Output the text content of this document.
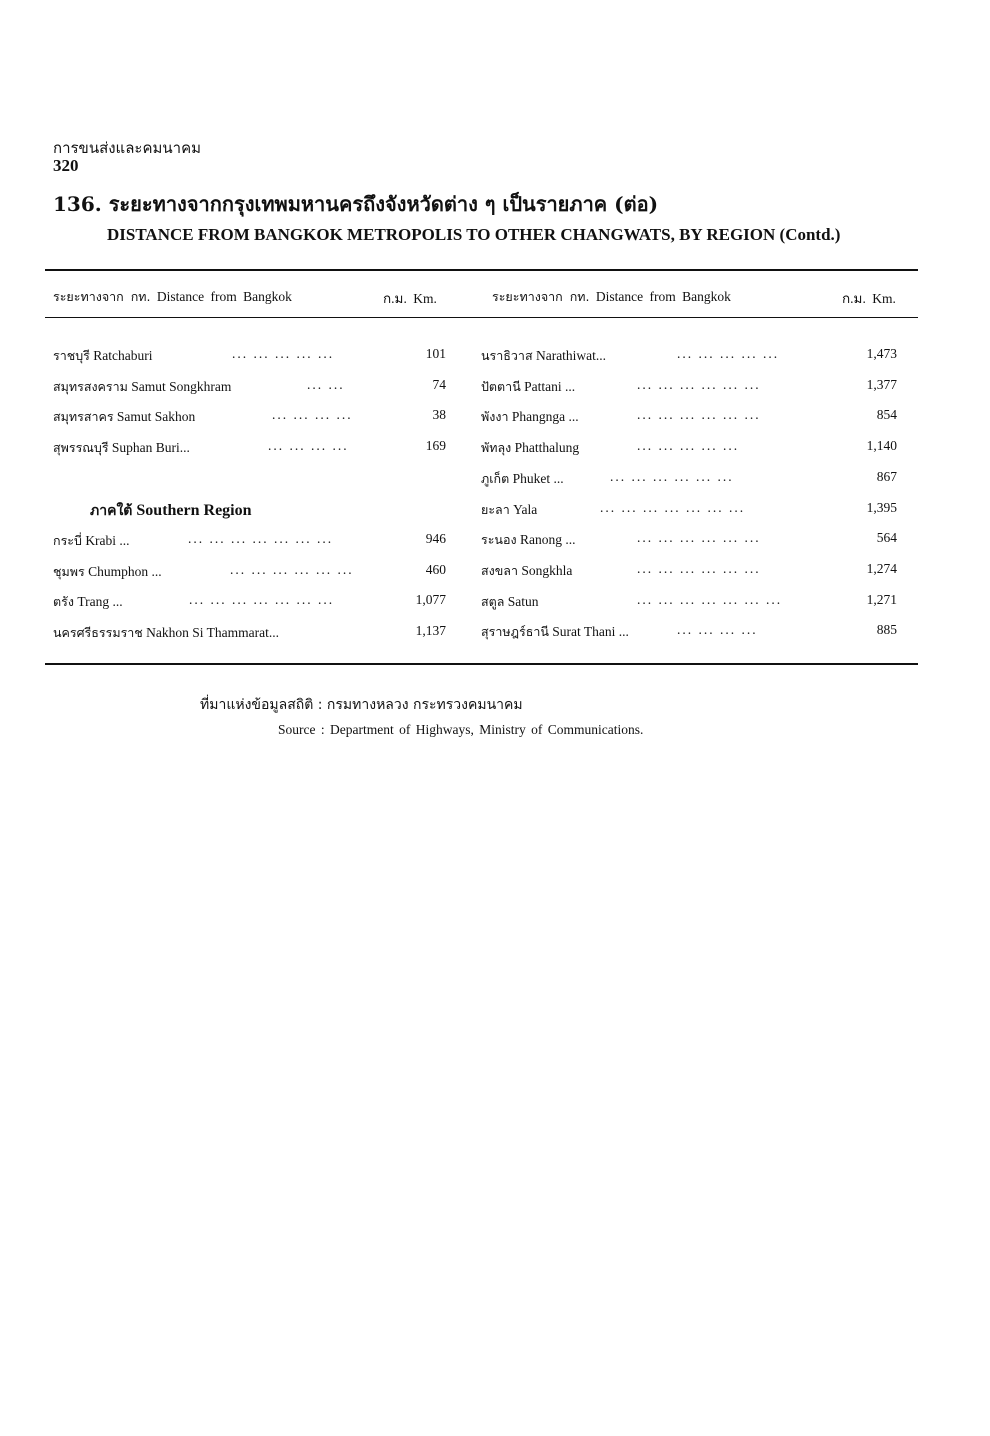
การขนส่งและคมนาคม
320
136. ระยะทางจากกรุงเทพมหานครถึงจังหวัดต่าง ๆ เป็นรายภาค (ต่อ)
DISTANCE FROM BANGKOK METROPOLIS TO OTHER CHANGWATS, BY REGION (Contd.)
ระยะทางจาก กท. Distance from Bangkok	ก.ม. Km.	ระยะทางจาก กท. Distance from Bangkok	ก.ม. Km.
ราชบุรี Ratchaburi	... ... ... ... ...	101
สมุทรสงคราม Samut Songkhram	... ...	74
สมุทรสาคร Samut Sakhon	... ... ... ...	38
สุพรรณบุรี Suphan Buri...	... ... ... ...	169
กระบี่ Krabi ...	... ... ... ... ... ... ...	946
ชุมพร Chumphon ...	... ... ... ... ... ...	460
ตรัง Trang ...	... ... ... ... ... ... ...	1,077
นครศรีธรรมราช Nakhon Si Thammarat...	1,137
นราธิวาส Narathiwat...	... ... ... ... ...	1,473
ปัตตานี Pattani ...	... ... ... ... ... ...	1,377
พังงา Phangnga ...	... ... ... ... ... ...	854
พัทลุง Phatthalung	... ... ... ... ...	1,140
ภูเก็ต Phuket ...	... ... ... ... ... ...	867
ยะลา Yala	... ... ... ... ... ... ...	1,395
ระนอง Ranong ...	... ... ... ... ... ...	564
สงขลา Songkhla	... ... ... ... ... ...	1,274
สตูล Satun	... ... ... ... ... ... ...	1,271
สุราษฎร์ธานี Surat Thani ...	... ... ... ...	885
ภาคใต้ Southern Region
ที่มาแห่งข้อมูลสถิติ : กรมทางหลวง กระทรวงคมนาคม
Source : Department of Highways, Ministry of Communications.
